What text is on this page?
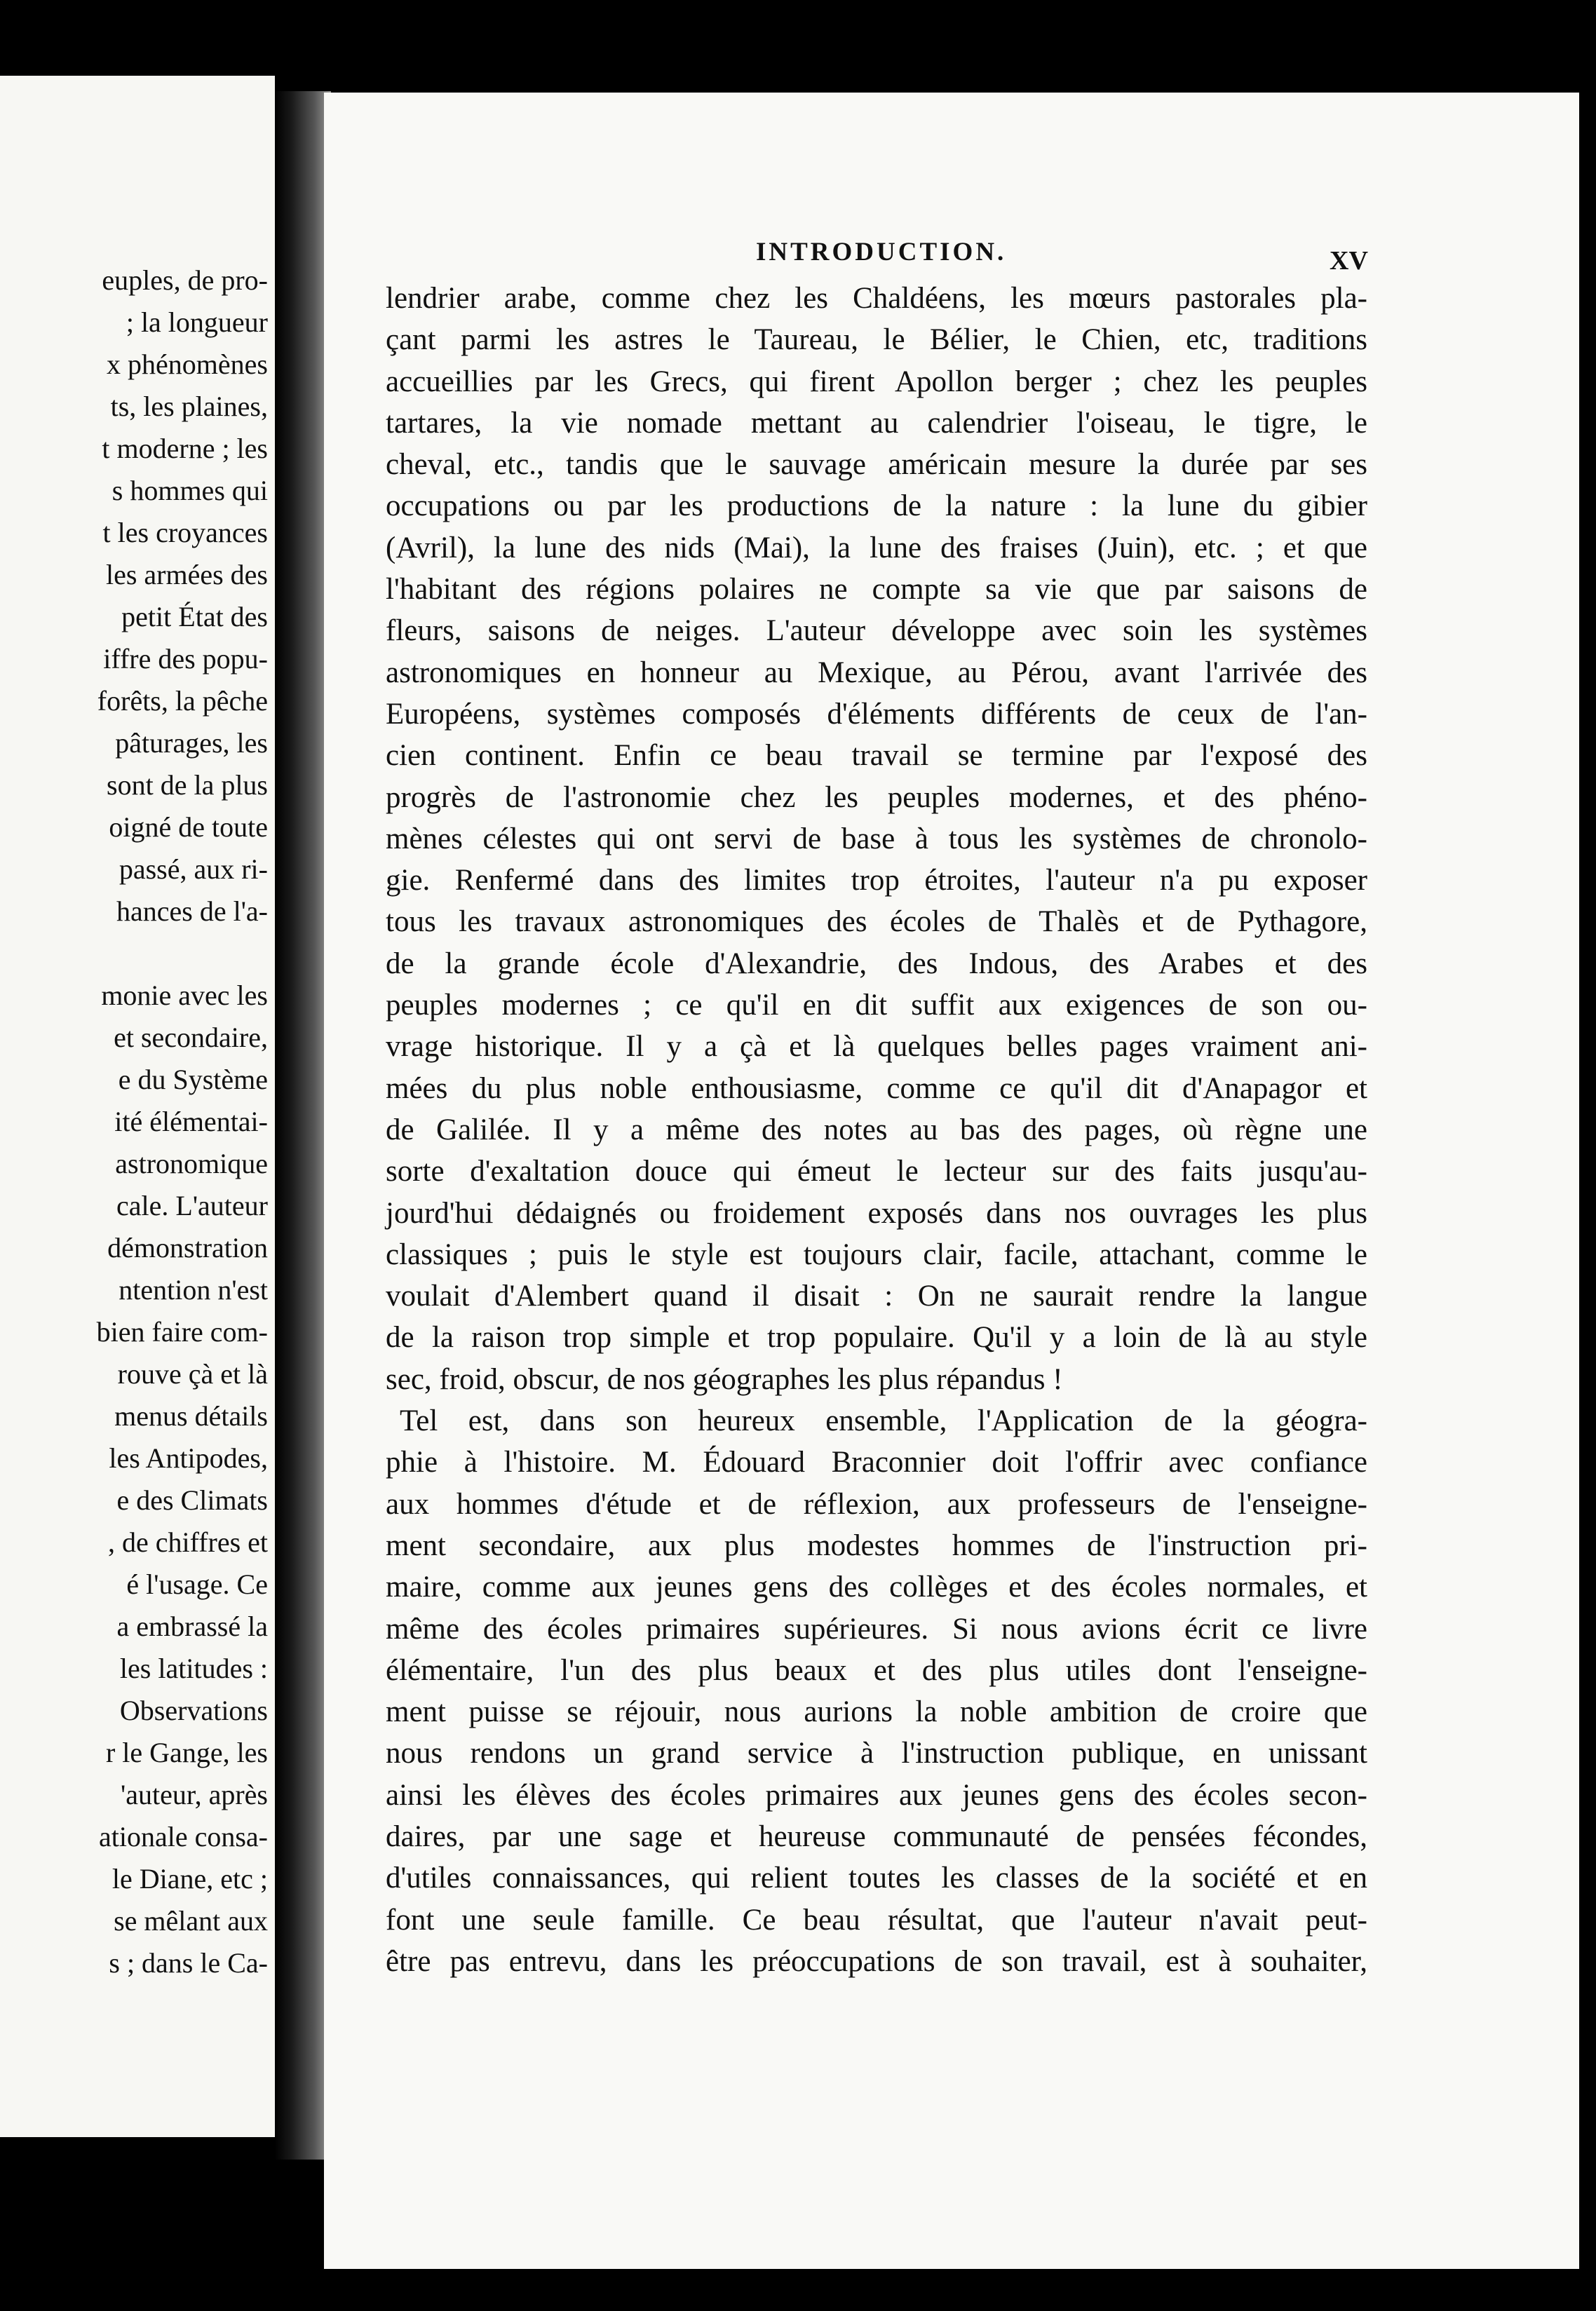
euples, de pro-
; la longueur
x phénomènes
ts, les plaines,
t moderne ; les
s hommes qui
t les croyances
les armées des
petit État des
iffre des popu-
forêts, la pêche
pâturages, les
sont de la plus
oigné de toute
passé, aux ri-
hances de l'a-
monie avec les
et secondaire,
e du Système
ité élémentai-
astronomique
cale. L'auteur
démonstration
ntention n'est
bien faire com-
rouve çà et là
menus détails
les Antipodes,
e des Climats
, de chiffres et
é l'usage. Ce
a embrassé la
les latitudes :
Observations
r le Gange, les
'auteur, après
ationale consa-
le Diane, etc ;
se mêlant aux
s ; dans le Ca-
INTRODUCTION.	XV
lendrier arabe, comme chez les Chaldéens, les mœurs pastorales pla-
çant parmi les astres le Taureau, le Bélier, le Chien, etc, traditions
accueillies par les Grecs, qui firent Apollon berger ; chez les peuples
tartares, la vie nomade mettant au calendrier l'oiseau, le tigre, le
cheval, etc., tandis que le sauvage américain mesure la durée par ses
occupations ou par les productions de la nature : la lune du gibier
(Avril), la lune des nids (Mai), la lune des fraises (Juin), etc. ; et que
l'habitant des régions polaires ne compte sa vie que par saisons de
fleurs, saisons de neiges. L'auteur développe avec soin les systèmes
astronomiques en honneur au Mexique, au Pérou, avant l'arrivée des
Européens, systèmes composés d'éléments différents de ceux de l'an-
cien continent. Enfin ce beau travail se termine par l'exposé des
progrès de l'astronomie chez les peuples modernes, et des phéno-
mènes célestes qui ont servi de base à tous les systèmes de chronolo-
gie. Renfermé dans des limites trop étroites, l'auteur n'a pu exposer
tous les travaux astronomiques des écoles de Thalès et de Pythagore,
de la grande école d'Alexandrie, des Indous, des Arabes et des
peuples modernes ; ce qu'il en dit suffit aux exigences de son ou-
vrage historique. Il y a çà et là quelques belles pages vraiment ani-
mées du plus noble enthousiasme, comme ce qu'il dit d'Anapagor et
de Galilée. Il y a même des notes au bas des pages, où règne une
sorte d'exaltation douce qui émeut le lecteur sur des faits jusqu'au-
jourd'hui dédaignés ou froidement exposés dans nos ouvrages les plus
classiques ; puis le style est toujours clair, facile, attachant, comme le
voulait d'Alembert quand il disait : On ne saurait rendre la langue
de la raison trop simple et trop populaire. Qu'il y a loin de là au style
sec, froid, obscur, de nos géographes les plus répandus !
Tel est, dans son heureux ensemble, l'Application de la géogra-
phie à l'histoire. M. Édouard Braconnier doit l'offrir avec confiance
aux hommes d'étude et de réflexion, aux professeurs de l'enseigne-
ment secondaire, aux plus modestes hommes de l'instruction pri-
maire, comme aux jeunes gens des collèges et des écoles normales, et
même des écoles primaires supérieures. Si nous avions écrit ce livre
élémentaire, l'un des plus beaux et des plus utiles dont l'enseigne-
ment puisse se réjouir, nous aurions la noble ambition de croire que
nous rendons un grand service à l'instruction publique, en unissant
ainsi les élèves des écoles primaires aux jeunes gens des écoles secon-
daires, par une sage et heureuse communauté de pensées fécondes,
d'utiles connaissances, qui relient toutes les classes de la société et en
font une seule famille. Ce beau résultat, que l'auteur n'avait peut-
être pas entrevu, dans les préoccupations de son travail, est à souhaiter,
